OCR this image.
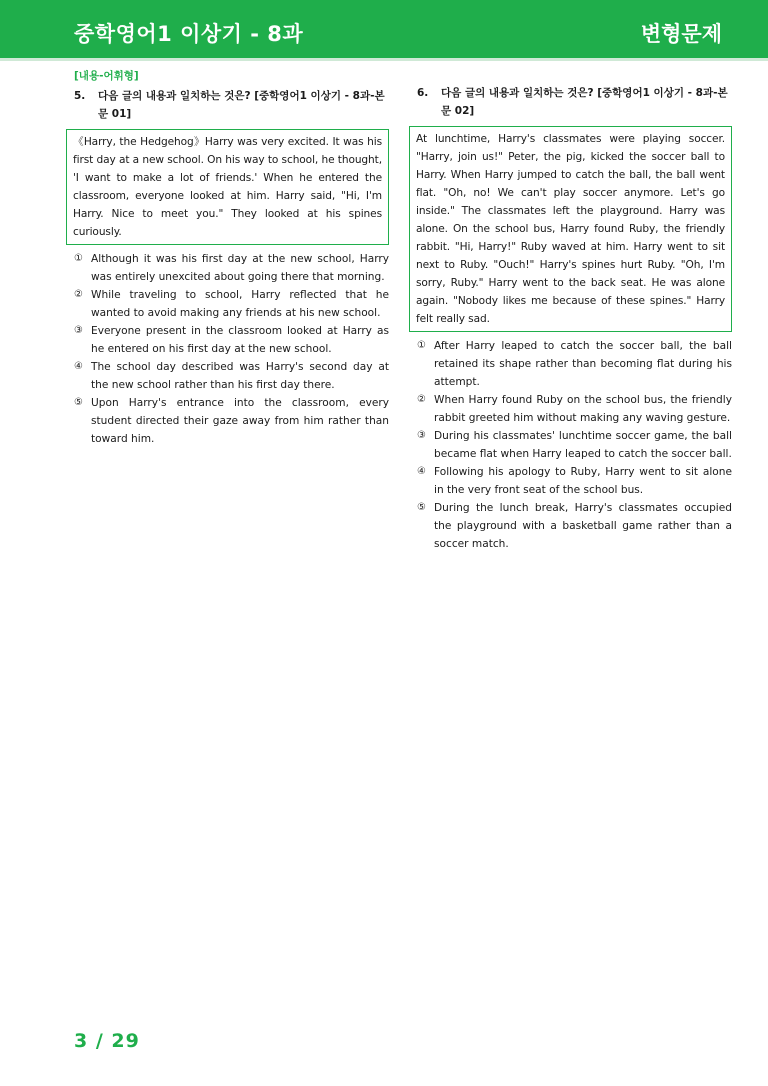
중학영어1 이상기 - 8과	변형문제
[내용-어휘형]
5.	다음 글의 내용과 일치하는 것은? [중학영어1 이상기 - 8과-본문 01]
《Harry, the Hedgehog》Harry was very excited. It was his first day at a new school. On his way to school, he thought, 'I want to make a lot of friends.' When he entered the classroom, everyone looked at him. Harry said, "Hi, I'm Harry. Nice to meet you." They looked at his spines curiously.
① Although it was his first day at the new school, Harry was entirely unexcited about going there that morning.
② While traveling to school, Harry reflected that he wanted to avoid making any friends at his new school.
③ Everyone present in the classroom looked at Harry as he entered on his first day at the new school.
④ The school day described was Harry's second day at the new school rather than his first day there.
⑤ Upon Harry's entrance into the classroom, every student directed their gaze away from him rather than toward him.
6.	다음 글의 내용과 일치하는 것은? [중학영어1 이상기 - 8과-본문 02]
At lunchtime, Harry's classmates were playing soccer. "Harry, join us!" Peter, the pig, kicked the soccer ball to Harry. When Harry jumped to catch the ball, the ball went flat. "Oh, no! We can't play soccer anymore. Let's go inside." The classmates left the playground. Harry was alone. On the school bus, Harry found Ruby, the friendly rabbit. "Hi, Harry!" Ruby waved at him. Harry went to sit next to Ruby. "Ouch!" Harry's spines hurt Ruby. "Oh, I'm sorry, Ruby." Harry went to the back seat. He was alone again. "Nobody likes me because of these spines." Harry felt really sad.
① After Harry leaped to catch the soccer ball, the ball retained its shape rather than becoming flat during his attempt.
② When Harry found Ruby on the school bus, the friendly rabbit greeted him without making any waving gesture.
③ During his classmates' lunchtime soccer game, the ball became flat when Harry leaped to catch the soccer ball.
④ Following his apology to Ruby, Harry went to sit alone in the very front seat of the school bus.
⑤ During the lunch break, Harry's classmates occupied the playground with a basketball game rather than a soccer match.
3 / 29
